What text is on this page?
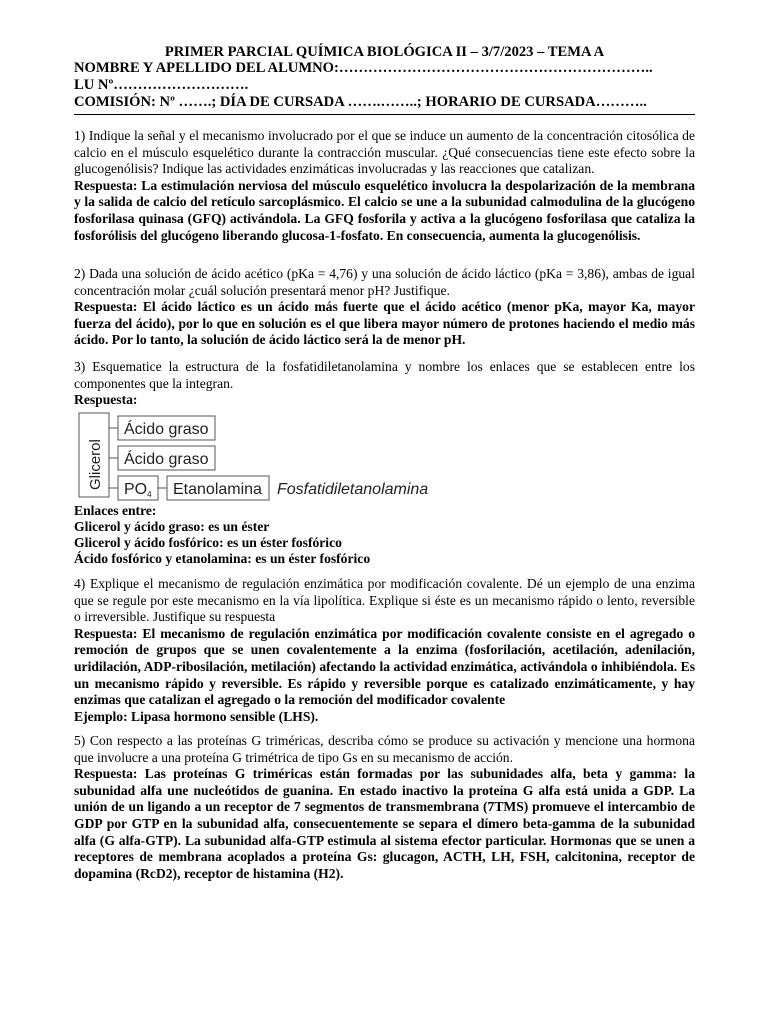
PRIMER PARCIAL QUÍMICA BIOLÓGICA II – 3/7/2023 – TEMA A
NOMBRE Y APELLIDO DEL ALUMNO:………………………………………………………..
LU Nº……………………….
COMISIÓN: Nº …….; DÍA DE CURSADA …….……..; HORARIO DE CURSADA………..

1) Indique la señal y el mecanismo involucrado por el que se induce un aumento de la concentración citosólica de calcio en el músculo esquelético durante la contracción muscular. ¿Qué consecuencias tiene este efecto sobre la glucogenólisis? Indique las actividades enzimáticas involucradas y las reacciones que catalizan.

Respuesta: La estimulación nerviosa del músculo esquelético involucra la despolarización de la membrana y la salida de calcio del retículo sarcoplásmico. El calcio se une a la subunidad calmodulina de la glucógeno fosforilasa quinasa (GFQ) activándola. La GFQ fosforila y activa a la glucógeno fosforilasa que cataliza la fosforólisis del glucógeno liberando glucosa-1-fosfato. En consecuencia, aumenta la glucogenólisis.

2) Dada una solución de ácido acético (pKa = 4,76) y una solución de ácido láctico (pKa = 3,86), ambas de igual concentración molar ¿cuál solución presentará menor pH? Justifique.

Respuesta: El ácido láctico es un ácido más fuerte que el ácido acético (menor pKa, mayor Ka, mayor fuerza del ácido), por lo que en solución es el que libera mayor número de protones haciendo el medio más ácido. Por lo tanto, la solución de ácido láctico será la de menor pH.

3) Esquematice la estructura de la fosfatidiletanolamina y nombre los enlaces que se establecen entre los componentes que la integran.

Respuesta:

Glicerol
Ácido graso
Ácido graso
PO4 Etanolamina Fosfatidiletanolamina
Enlaces entre:
Glicerol y ácido graso: es un éster
Glicerol y ácido fosfórico: es un éster fosfórico
Ácido fosfórico y etanolamina: es un éster fosfórico

4) Explique el mecanismo de regulación enzimática por modificación covalente. Dé un ejemplo de una enzima que se regule por este mecanismo en la vía lipolítica. Explique si éste es un mecanismo rápido o lento, reversible o irreversible. Justifique su respuesta

Respuesta: El mecanismo de regulación enzimática por modificación covalente consiste en el agregado o remoción de grupos que se unen covalentemente a la enzima (fosforilación, acetilación, adenilación, uridilación, ADP-ribosilación, metilación) afectando la actividad enzimática, activándola o inhibiéndola. Es un mecanismo rápido y reversible. Es rápido y reversible porque es catalizado enzimáticamente, y hay enzimas que catalizan el agregado o la remoción del modificador covalente

Ejemplo: Lipasa hormono sensible (LHS).

5) Con respecto a las proteínas G triméricas, describa cómo se produce su activación y mencione una hormona que involucre a una proteína G trimétrica de tipo Gs en su mecanismo de acción.

Respuesta: Las proteínas G triméricas están formadas por las subunidades alfa, beta y gamma: la subunidad alfa une nucleótidos de guanina. En estado inactivo la proteína G alfa está unida a GDP. La unión de un ligando a un receptor de 7 segmentos de transmembrana (7TMS) promueve el intercambio de GDP por GTP en la subunidad alfa, consecuentemente se separa el dímero beta-gamma de la subunidad alfa (G alfa-GTP). La subunidad alfa-GTP estimula al sistema efector particular. Hormonas que se unen a receptores de membrana acoplados a proteína Gs: glucagon, ACTH, LH, FSH, calcitonina, receptor de dopamina (RcD2), receptor de histamina (H2).
